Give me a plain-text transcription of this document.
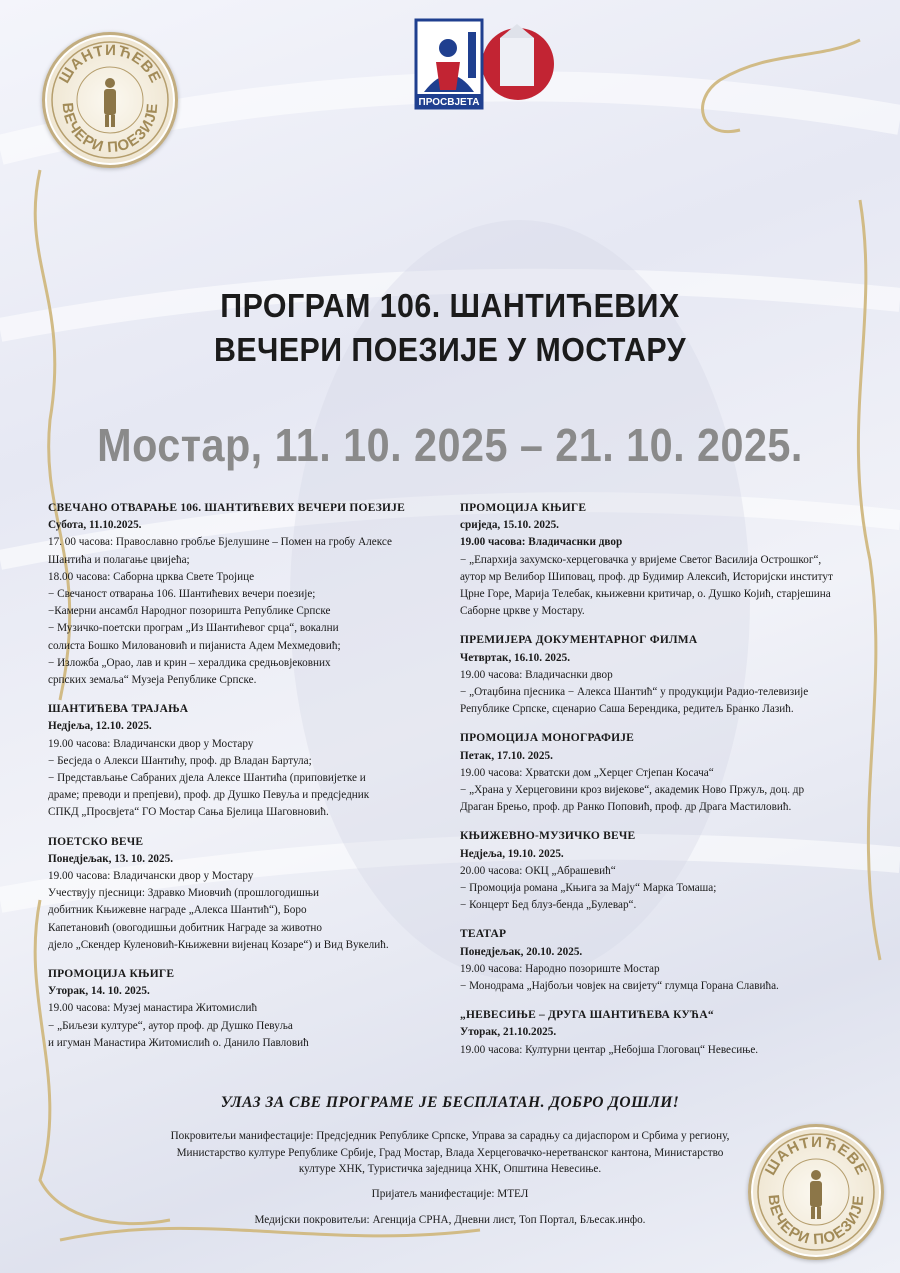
ШАНТИЋЕВЕ
ВЕЧЕРИ ПОЕЗИЈЕ
ШАНТИЋЕВЕ
ВЕЧЕРИ ПОЕЗИЈЕ
ПРОСВЈЕТА
ПРОГРАМ 106. ШАНТИЋЕВИХ
ВЕЧЕРИ ПОЕЗИЈЕ У МОСТАРУ
Мостар, 11. 10. 2025 – 21. 10. 2025.
СВЕЧАНО ОТВАРАЊЕ 106. ШАНТИЋЕВИХ ВЕЧЕРИ ПОЕЗИЈЕ
Субота, 11.10.2025.
17. 00 часова: Православно гробље Бјелушине – Помен на гробу Алексе
Шантића и полагање цвијећа;
18.00 часова: Саборна црква Свете Тројице
− Свечаност отварања 106. Шантићевих вечери поезије;
−Камерни ансамбл Народног позоришта Републике Српске
− Музичко-поетски програм „Из Шантићевог срца“, вокални
солиста Бошко Миловановић и пијаниста Адем Мехмедовић;
− Изложба „Орао, лав и крин – хералдика средњовјековних
српских земаља“ Музеја Републике Српске.
ШАНТИЋЕВА ТРАЈАЊА
Недјеља, 12.10. 2025.
19.00 часова: Владичански двор у Мостару
− Бесједа о Алекси Шантићу, проф. др Владан Бартула;
− Представљање Сабраних дјела Алексе Шантића (приповијетке и
драме; преводи и препјеви), проф. др Душко Певуља и предсједник
СПКД „Просвјета“ ГО Мостар Сања Бјелица Шаговновић.
ПОЕТСКО ВЕЧЕ
Понедјељак, 13. 10. 2025.
19.00 часова: Владичански двор у Мостару
Учествују пјесници: Здравко Миовчић (прошлогодишњи
добитник Књижевне награде „Алекса Шантић“), Боро
Капетановић (овогодишњи добитник Награде за животно
дјело „Скендер Куленовић-Књижевни вијенац Козаре“) и Вид Вукелић.
ПРОМОЦИЈА КЊИГЕ
Уторак, 14. 10. 2025.
19.00 часова: Музеј манастира Житомислић
− „Биљези културе“, аутор проф. др Душко Певуља
и игуман Манастира Житомислић о. Данило Павловић
ПРОМОЦИЈА КЊИГЕ
сриједа, 15.10. 2025.
19.00 часова: Владичаснки двор
− „Епархија захумско-херцеговачка у вријеме Светог Василија Острошког“,
аутор мр Велибор Шиповац, проф. др Будимир Алексић, Историјски институт
Црне Горе, Марија Телебак, књижевни критичар, о. Душко Којић, старјешина
Саборне цркве у Мостару.
ПРЕМИЈЕРА ДОКУМЕНТАРНОГ ФИЛМА
Четвртак, 16.10. 2025.
19.00 часова: Владичаснки двор
− „Отаџбина пјесника − Алекса Шантић“ у продукцији Радио-телевизије
Републике Српске, сценарио Саша Берендика, редитељ Бранко Лазић.
ПРОМОЦИЈА МОНОГРАФИЈЕ
Петак, 17.10. 2025.
19.00 часова: Хрватски дом „Херцег Стјепан Косача“
− „Храна у Херцеговини кроз вијекове“, академик Ново Пржуљ, доц. др
Драган Брењо, проф. др Ранко Поповић, проф. др Драга Мастиловић.
КЊИЖЕВНО-МУЗИЧКО ВЕЧЕ
Недјеља, 19.10. 2025.
20.00 часова: ОКЦ „Абрашевић“
− Промоција романа „Књига за Мају“ Марка Томаша;
− Концерт Бед блуз-бенда „Булевар“.
ТЕАТАР
Понедјељак, 20.10. 2025.
19.00 часова: Народно позориште Мостар
− Монодрама „Најбољи човјек на свијету“ глумца Горана Славића.
„НЕВЕСИЊЕ – ДРУГА ШАНТИЋЕВА КУЋА“
Уторак, 21.10.2025.
19.00 часова: Културни центар „Небојша Глоговац“ Невесиње.
УЛАЗ ЗА СВЕ ПРОГРАМЕ ЈЕ БЕСПЛАТАН. ДОБРО ДОШЛИ!
Покровитељи манифестације: Предсједник Републике Српске, Управа за сарадњу са дијаспором и Србима у региону,
Министарство културе Републике Србије, Град Мостар, Влада Херцеговачко-неретванског кантона, Министарство
културе ХНК, Туристичка заједница ХНК, Општина Невесиње.
Пријатељ манифестације: МТЕЛ
Медијски покровитељи: Агенција СРНА, Дневни лист, Топ Портал, Бљесак.инфо.
